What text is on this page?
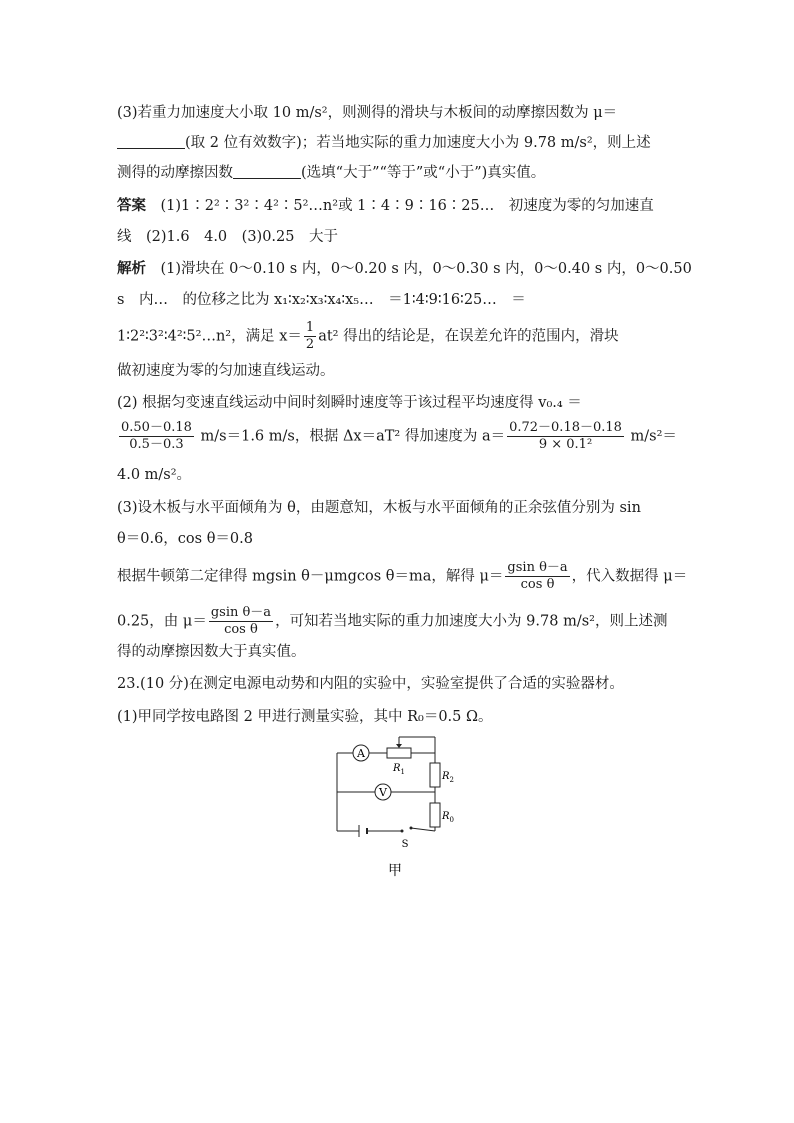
(3)若重力加速度大小取 10 m/s²，则测得的滑块与木板间的动摩擦因数为 μ＝
(取 2 位有效数字)；若当地实际的重力加速度大小为 9.78 m/s²，则上述
测得的动摩擦因数	(选填“大于”“等于”或“小于”)真实值。
答案　 (1)1∶2²∶3²∶4²∶5²…n²或 1∶4∶9∶16∶25…　初速度为零的匀加速直
线　(2)1.6　4.0　(3)0.25　大于
解析　 (1)滑块在 0～0.10 s 内，0～0.20 s 内，0～0.30 s 内，0～0.40 s 内，0～0.50
s　内…　的位移之比为 x₁∶x₂∶x₃∶x₄∶x₅…　＝1∶4∶9∶16∶25…　＝
1∶2²∶3²∶4²∶5²…n²，满足 $x= \frac{1}{2} at^2$ 得出的结论是，在误差允许的范围内，滑块
做初速度为零的匀加速直线运动。
(2) 根据匀变速直线运动中间时刻瞬时速度等于该过程平均速度得 v₀.₄ ＝
$\frac{0.50-0.18}{0.5-0.3} m/s=1.6$ m/s，根据 Δx＝aT² 得加速度为 $a= \frac{0.72-0.18-0.18}{\text{9 × 0.1²}} m/s^2=$
4.0 m/s²。
(3)设木板与水平面倾角为 θ，由题意知，木板与水平面倾角的正余弦值分别为 sin
θ＝0.6，cos θ＝0.8
根据牛顿第二定律得 mgsin θ－μmgcos θ＝ma，解得 $\mu= \frac{\text{gsin θ－a}}{\text{cos θ}}$ ，代入数据得 μ＝
0.25，由 $\mu= \frac{\text{gsin θ－a}}{\text{cos θ}}$ ，可知若当地实际的重力加速度大小为 9.78 m/s²，则上述测
得的动摩擦因数大于真实值。
23.(10 分)在测定电源电动势和内阻的实验中，实验室提供了合适的实验器材。
(1)甲同学按电路图 2 甲进行测量实验，其中 R₀＝0.5 Ω。
A
$R_1$	$R_2$
V
$R_0$
S
甲
